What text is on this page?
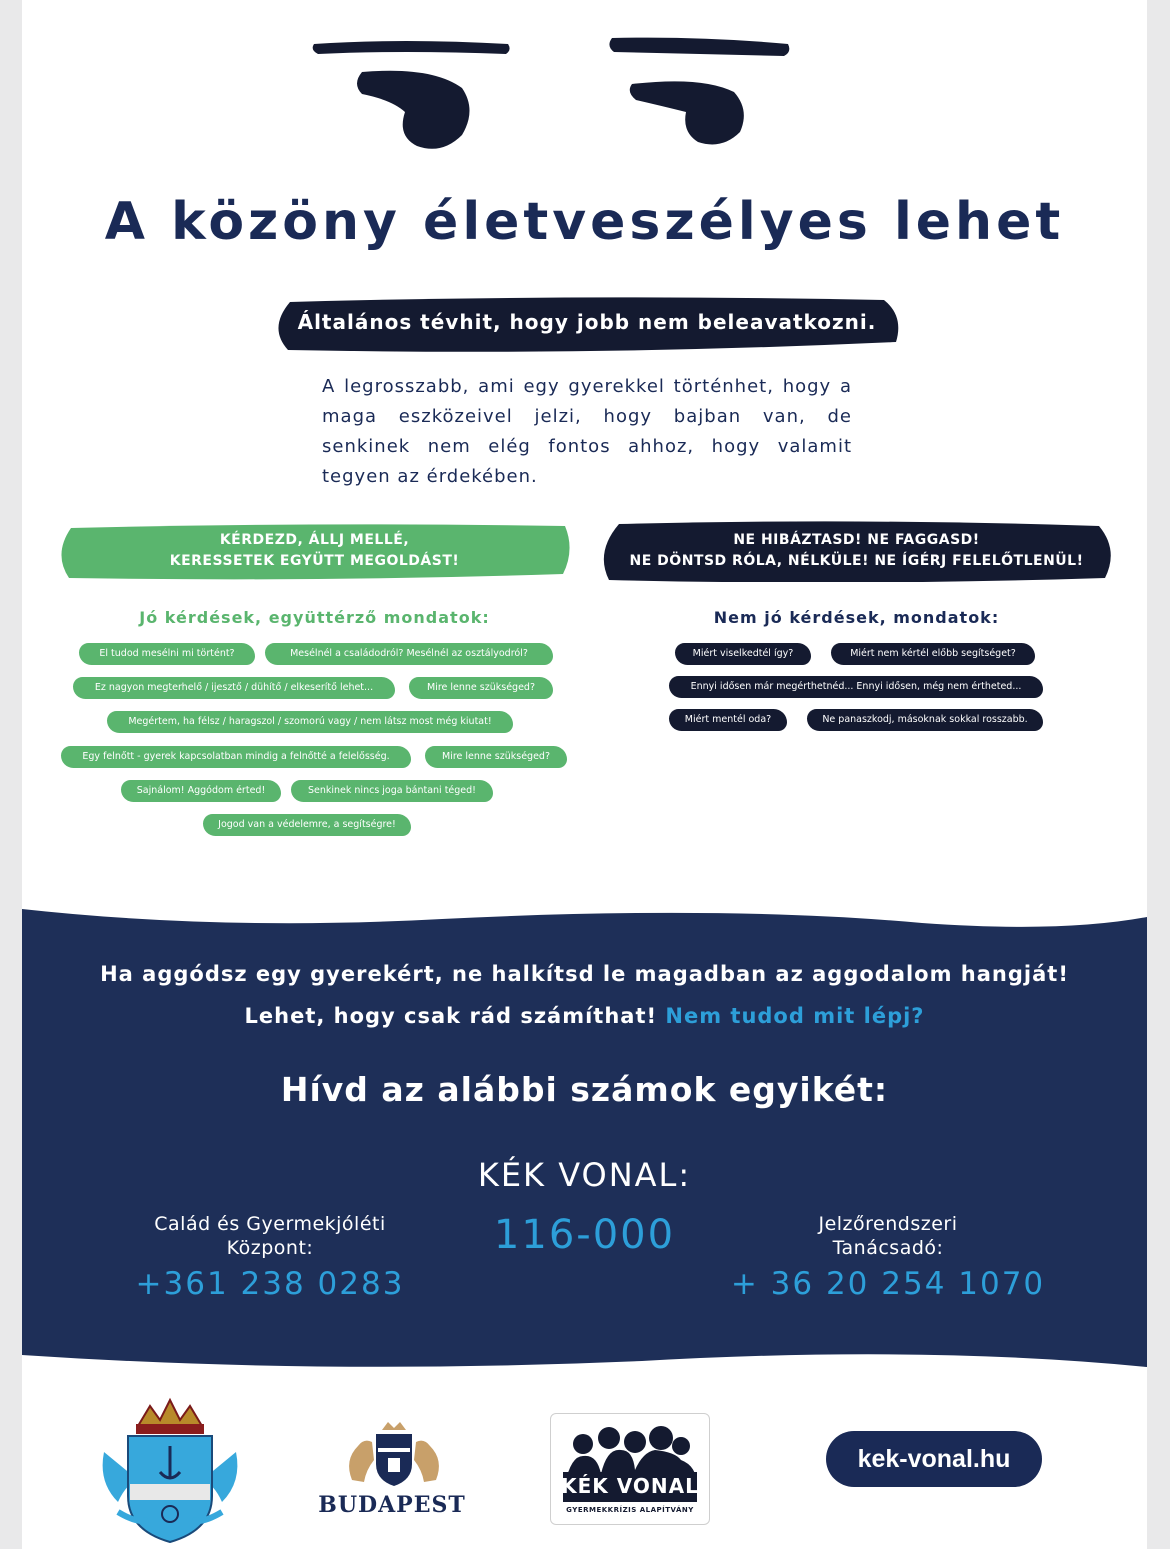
A közöny életveszélyes lehet
Általános tévhit, hogy jobb nem beleavatkozni.
A legrosszabb, ami egy gyerekkel történhet, hogy a maga eszközeivel jelzi, hogy bajban van, de senkinek nem elég fontos ahhoz, hogy valamit tegyen az érdekében.
KÉRDEZD, ÁLLJ MELLÉ,
KERESSETEK EGYÜTT MEGOLDÁST!
Jó kérdések, együttérző mondatok:
El tudod mesélni mi történt?	Mesélnél a családodról? Mesélnél az osztályodról?
Ez nagyon megterhelő / ijesztő / dühítő / elkeserítő lehet...	Mire lenne szükséged?
Megértem, ha félsz / haragszol / szomorú vagy / nem látsz most még kiutat!
Egy felnőtt - gyerek kapcsolatban mindig a felnőtté a felelősség.	Mire lenne szükséged?
Sajnálom! Aggódom érted!	Senkinek nincs joga bántani téged!
Jogod van a védelemre, a segítségre!
NE HIBÁZTASD! NE FAGGASD!
NE DÖNTSD RÓLA, NÉLKÜLE! NE ÍGÉRJ FELELŐTLENÜL!
Nem jó kérdések, mondatok:
Miért viselkedtél így?	Miért nem kértél előbb segítséget?
Ennyi idősen már megérthetnéd... Ennyi idősen, még nem értheted...
Miért mentél oda?	Ne panaszkodj, másoknak sokkal rosszabb.
Ha aggódsz egy gyerekért, ne halkítsd le magadban az aggodalom hangját!
Lehet, hogy csak rád számíthat! Nem tudod mit lépj?
Hívd az alábbi számok egyikét:
KÉK VONAL:
116-000
Calád és Gyermekjóléti
Központ:
+361 238 0283
Jelzőrendszeri
Tanácsadó:
+ 36 20 254 1070
BUDAPEST
KÉK VONAL
GYERMEKKRÍZIS ALAPÍTVÁNY
kek-vonal.hu
